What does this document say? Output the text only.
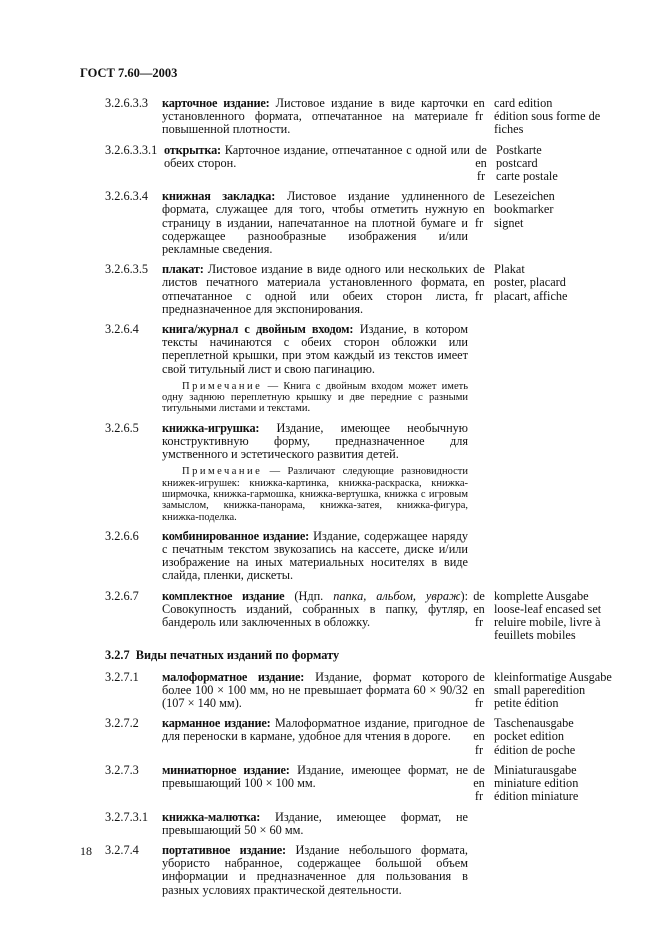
ГОСТ 7.60—2003
3.2.6.3.3	карточное издание: Листовое издание в виде карточки установленного формата, отпечатанное на материале повышенной плотности.

en card edition
fr édition sous forme de fiches
3.2.6.3.3.1 открытка: Карточное издание, отпечатанное с одной или обеих сторон.

de Postkarte
en postcard
fr carte postale
3.2.6.3.4	книжная закладка: Листовое издание удлиненного формата, служащее для того, чтобы отметить нужную страницу в издании, напечатанное на плотной бумаге и содержащее разнообразные изображения и/или рекламные сведения.

de Lesezeichen
en bookmarker
fr signet
3.2.6.3.5	плакат: Листовое издание в виде одного или нескольких листов печатного материала установленного формата, отпечатанное с одной или обеих сторон листа, предназначенное для экспонирования.

de Plakat
en poster, placard
fr placart, affiche
3.2.6.4	книга/журнал с двойным входом: Издание, в котором тексты начинаются с обеих сторон обложки или переплетной крышки, при этом каждый из текстов имеет свой титульный лист и свою пагинацию.

Примечание — Книга с двойным входом может иметь одну заднюю переплетную крышку и две передние с разными титульными листами и текстами.

3.2.6.5	книжка-игрушка: Издание, имеющее необычную конструктивную форму, предназначенное для умственного и эстетического развития детей.

Примечание — Различают следующие разновидности книжек-игрушек: книжка-картинка, книжка-раскраска, книжка-ширмочка, книжка-гармошка, книжка-вертушка, книжка с игровым замыслом, книжка-панорама, книжка-затея, книжка-фигура, книжка-поделка.

3.2.6.6	комбинированное издание: Издание, содержащее наряду с печатным текстом звукозапись на кассете, диске и/или изображение на иных материальных носителях в виде слайда, пленки, дискеты.

3.2.6.7	комплектное издание (Ндп. папка, альбом, увраж): Совокупность изданий, собранных в папку, футляр, бандероль или заключенных в обложку.

de komplette Ausgabe
en loose-leaf encased set
fr reluire mobile, livre à feuillets mobiles
3.2.7 Виды печатных изданий по формату
3.2.7.1	малоформатное издание: Издание, формат которого более 100 × 100 мм, но не превышает формата 60 × 90/32 (107 × 140 мм).

de kleinformatige Ausgabe
en small paperedition
fr petite édition
3.2.7.2	карманное издание: Малоформатное издание, пригодное для переноски в кармане, удобное для чтения в дороге.

de Taschenausgabe
en pocket edition
fr édition de poche
3.2.7.3	миниатюрное издание: Издание, имеющее формат, не превышающий 100 × 100 мм.

de Miniaturausgabe
en miniature edition
fr édition miniature
3.2.7.3.1	книжка-малютка: Издание, имеющее формат, не превышающий 50 × 60 мм.

3.2.7.4	портативное издание: Издание небольшого формата, убористо набранное, содержащее большой объем информации и предназначенное для пользования в разных условиях практической деятельности.

18
